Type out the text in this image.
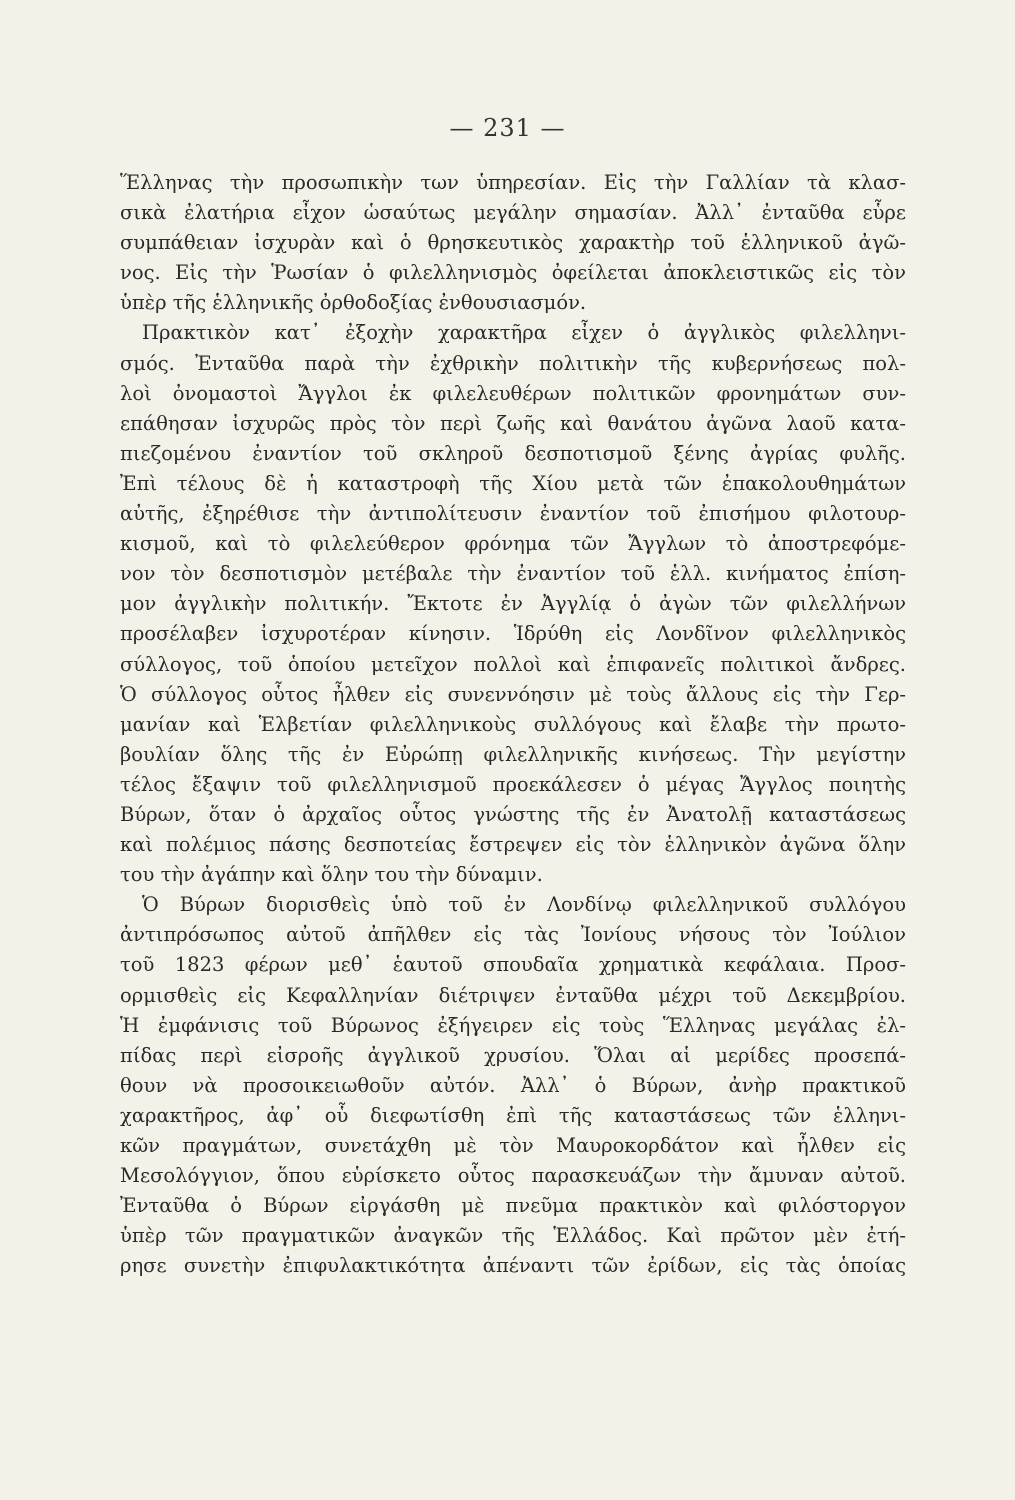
— 231 —
Ἕλληνας τὴν προσωπικὴν των ὑπηρεσίαν. Εἰς τὴν Γαλλίαν τὰ κλασ-
σικὰ ἐλατήρια εἶχον ὡσαύτως μεγάλην σημασίαν. Ἀλλ᾿ ἐνταῦθα εὗρε
συμπάθειαν ἰσχυρὰν καὶ ὁ θρησκευτικὸς χαρακτὴρ τοῦ ἑλληνικοῦ ἀγῶ-
νος. Εἰς τὴν Ῥωσίαν ὁ φιλελληνισμὸς ὀφείλεται ἀποκλειστικῶς εἰς τὸν
ὑπὲρ τῆς ἑλληνικῆς ὀρθοδοξίας ἐνθουσιασμόν.
Πρακτικὸν κατ᾿ ἐξοχὴν χαρακτῆρα εἶχεν ὁ ἀγγλικὸς φιλελληνι-
σμός. Ἐνταῦθα παρὰ τὴν ἐχθρικὴν πολιτικὴν τῆς κυβερνήσεως πολ-
λοὶ ὀνομαστοὶ Ἄγγλοι ἐκ φιλελευθέρων πολιτικῶν φρονημάτων συν-
επάθησαν ἰσχυρῶς πρὸς τὸν περὶ ζωῆς καὶ θανάτου ἀγῶνα λαοῦ κατα-
πιεζομένου ἐναντίον τοῦ σκληροῦ δεσποτισμοῦ ξένης ἀγρίας φυλῆς.
Ἐπὶ τέλους δὲ ἡ καταστροφὴ τῆς Χίου μετὰ τῶν ἐπακολουθημάτων
αὐτῆς, ἐξηρέθισε τὴν ἀντιπολίτευσιν ἐναντίον τοῦ ἐπισήμου φιλοτουρ-
κισμοῦ, καὶ τὸ φιλελεύθερον φρόνημα τῶν Ἄγγλων τὸ ἀποστρεφόμε-
νον τὸν δεσποτισμὸν μετέβαλε τὴν ἐναντίον τοῦ ἑλλ. κινήματος ἐπίση-
μον ἀγγλικὴν πολιτικήν. Ἔκτοτε ἐν Ἀγγλίᾳ ὁ ἀγὼν τῶν φιλελλήνων
προσέλαβεν ἰσχυροτέραν κίνησιν. Ἱδρύθη εἰς Λονδῖνον φιλελληνικὸς
σύλλογος, τοῦ ὁποίου μετεῖχον πολλοὶ καὶ ἐπιφανεῖς πολιτικοὶ ἄνδρες.
Ὁ σύλλογος οὗτος ἦλθεν εἰς συνεννόησιν μὲ τοὺς ἄλλους εἰς τὴν Γερ-
μανίαν καὶ Ἑλβετίαν φιλελληνικοὺς συλλόγους καὶ ἔλαβε τὴν πρωτο-
βουλίαν ὅλης τῆς ἐν Εὐρώπῃ φιλελληνικῆς κινήσεως. Τὴν μεγίστην
τέλος ἔξαψιν τοῦ φιλελληνισμοῦ προεκάλεσεν ὁ μέγας Ἄγγλος ποιητὴς
Βύρων, ὅταν ὁ ἀρχαῖος οὗτος γνώστης τῆς ἐν Ἀνατολῇ καταστάσεως
καὶ πολέμιος πάσης δεσποτείας ἔστρεψεν εἰς τὸν ἑλληνικὸν ἀγῶνα ὅλην
του τὴν ἀγάπην καὶ ὅλην του τὴν δύναμιν.
Ὁ Βύρων διορισθεὶς ὑπὸ τοῦ ἐν Λονδίνῳ φιλελληνικοῦ συλλόγου
ἀντιπρόσωπος αὐτοῦ ἀπῆλθεν εἰς τὰς Ἰονίους νήσους τὸν Ἰούλιον
τοῦ 1823 φέρων μεθ᾿ ἑαυτοῦ σπουδαῖα χρηματικὰ κεφάλαια. Προσ-
ορμισθεὶς εἰς Κεφαλληνίαν διέτριψεν ἐνταῦθα μέχρι τοῦ Δεκεμβρίου.
Ἡ ἐμφάνισις τοῦ Βύρωνος ἐξήγειρεν εἰς τοὺς Ἕλληνας μεγάλας ἐλ-
πίδας περὶ εἰσροῆς ἀγγλικοῦ χρυσίου. Ὅλαι αἱ μερίδες προσεπά-
θουν νὰ προσοικειωθοῦν αὐτόν. Ἀλλ᾿ ὁ Βύρων, ἀνὴρ πρακτικοῦ
χαρακτῆρος, ἀφ᾿ οὗ διεφωτίσθη ἐπὶ τῆς καταστάσεως τῶν ἑλληνι-
κῶν πραγμάτων, συνετάχθη μὲ τὸν Μαυροκορδάτον καὶ ἦλθεν εἰς
Μεσολόγγιον, ὅπου εὑρίσκετο οὗτος παρασκευάζων τὴν ἄμυναν αὐτοῦ.
Ἐνταῦθα ὁ Βύρων εἰργάσθη μὲ πνεῦμα πρακτικὸν καὶ φιλόστοργον
ὑπὲρ τῶν πραγματικῶν ἀναγκῶν τῆς Ἑλλάδος. Καὶ πρῶτον μὲν ἐτή-
ρησε συνετὴν ἐπιφυλακτικότητα ἀπέναντι τῶν ἐρίδων, εἰς τὰς ὁποίας
